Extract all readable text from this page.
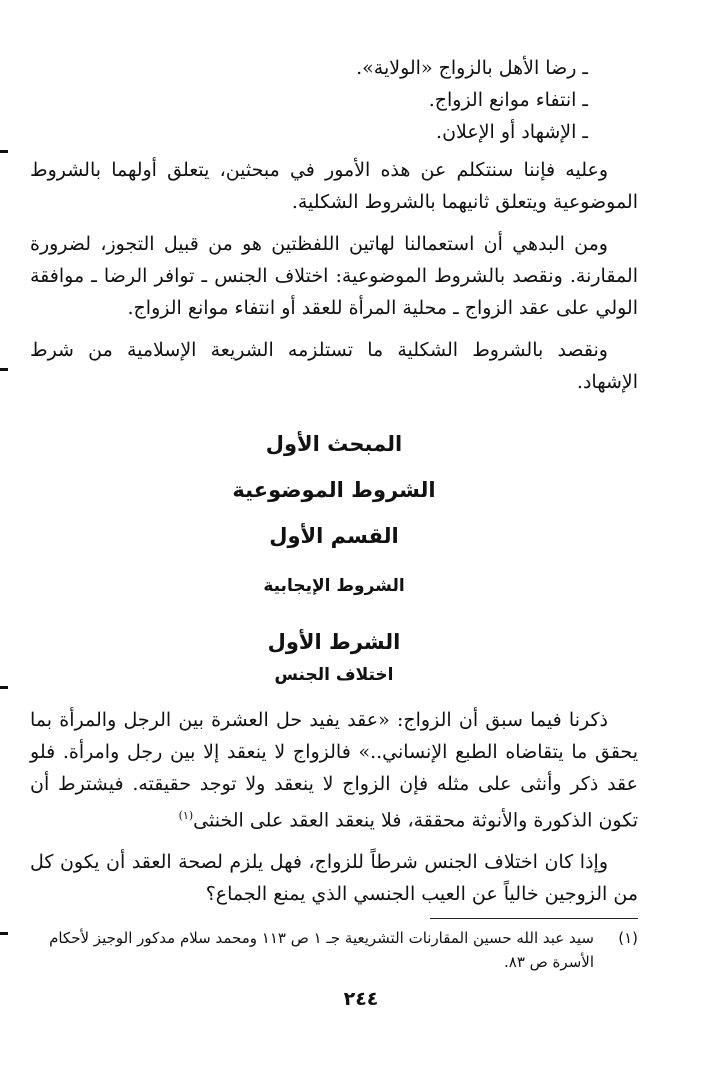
ـ رضا الأهل بالزواج «الولاية».
ـ انتفاء موانع الزواج.
ـ الإشهاد أو الإعلان.

وعليه فإننا سنتكلم عن هذه الأمور في مبحثين، يتعلق أولهما بالشروط الموضوعية ويتعلق ثانيهما بالشروط الشكلية.

ومن البدهي أن استعمالنا لهاتين اللفظتين هو من قبيل التجوز، لضرورة المقارنة. ونقصد بالشروط الموضوعية: اختلاف الجنس ـ توافر الرضا ـ موافقة الولي على عقد الزواج ـ محلية المرأة للعقد أو انتفاء موانع الزواج.

ونقصد بالشروط الشكلية ما تستلزمه الشريعة الإسلامية من شرط الإشهاد.

المبحث الأول
الشروط الموضوعية
القسم الأول
الشروط الإيجابية
الشرط الأول
اختلاف الجنس

ذكرنا فيما سبق أن الزواج: «عقد يفيد حل العشرة بين الرجل والمرأة بما يحقق ما يتقاضاه الطبع الإنساني..» فالزواج لا ينعقد إلا بين رجل وامرأة. فلو عقد ذكر وأنثى على مثله فإن الزواج لا ينعقد ولا توجد حقيقته. فيشترط أن تكون الذكورة والأنوثة محققة، فلا ينعقد العقد على الخنثى$^{(١)}$

وإذا كان اختلاف الجنس شرطاً للزواج، فهل يلزم لصحة العقد أن يكون كل من الزوجين خالياً عن العيب الجنسي الذي يمنع الجماع؟

(١)
سيد عبد الله حسين المقارنات التشريعية جـ ١ ص ١١٣ ومحمد سلام مدكور الوجيز لأحكام الأسرة ص ٨٣.
٢٤٤
